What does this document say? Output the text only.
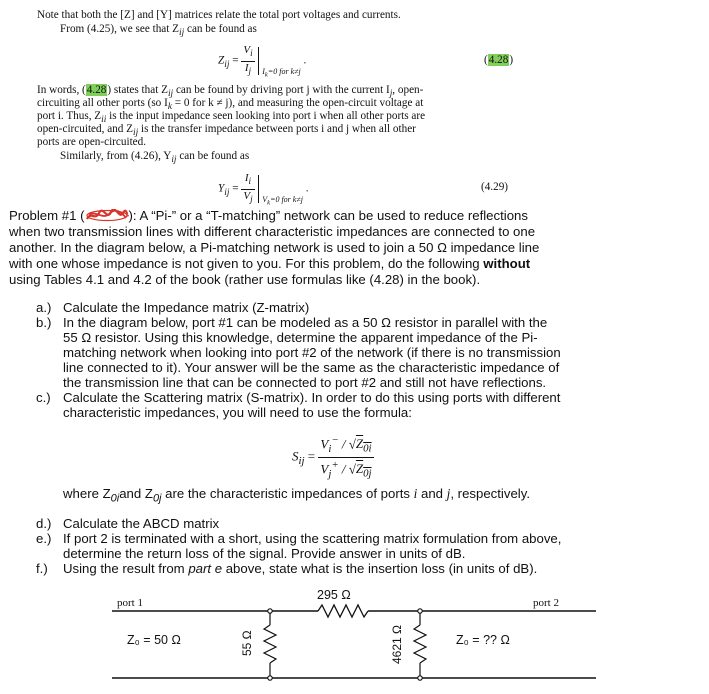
Note that both the [Z] and [Y] matrices relate the total port voltages and currents.
From (4.25), we see that $Z_{ij}$ can be found as
$Z_{ij} = \frac{V_i}{I_j} _{I_k=0 for k\ne j}$ .	(4.28)
In words, (4.28) states that $Z_{ij}$ can be found by driving port j with the current $I_j$, open-
circuiting all other ports (so $I_k = 0$ for k ≠ j), and measuring the open-circuit voltage at
port i. Thus, $Z_{ii}$ is the input impedance seen looking into port i when all other ports are
open-circuited, and $Z_{ij}$ is the transfer impedance between ports i and j when all other
ports are open-circuited.
Similarly, from (4.26), $Y_{ij}$ can be found as
$Y_{ij} = \frac{I_i}{V_j} _{V_k=0 for k\ne j}$ .	(4.29)
Problem #1 (	): A “Pi-” or a “T-matching” network can be used to reduce reflections
when two transmission lines with different characteristic impedances are connected to one
another. In the diagram below, a Pi-matching network is used to join a 50 Ω impedance line
with one whose impedance is not given to you. For this problem, do the following without
using Tables 4.1 and 4.2 of the book (rather use formulas like (4.28) in the book).
a.) Calculate the Impedance matrix (Z-matrix)
b.) In the diagram below, port #1 can be modeled as a 50 Ω resistor in parallel with the
55 Ω resistor. Using this knowledge, determine the apparent impedance of the Pi-
matching network when looking into port #2 of the network (if there is no transmission
line connected to it). Your answer will be the same as the characteristic impedance of
the transmission line that can be connected to port #2 and still not have reflections.
c.) Calculate the Scattering matrix (S-matrix). In order to do this using ports with different
characteristic impedances, you will need to use the formula:
$S_{ij} = \frac{V_i^- / √Z_{0i}}{V_j^+ / √Z_{0j}}$
where $Z_{0i}and$ $Z_{0j}$ are the characteristic impedances of ports i and j, respectively.
d.) Calculate the ABCD matrix
e.) If port 2 is terminated with a short, using the scattering matrix formulation from above,
determine the return loss of the signal. Provide answer in units of dB.
f.) Using the result from part e above, state what is the insertion loss (in units of dB).
port 1	port 2
295 Ω
Z₀ = 50 Ω	Z₀ = ?? Ω
55 Ω	4621 Ω
